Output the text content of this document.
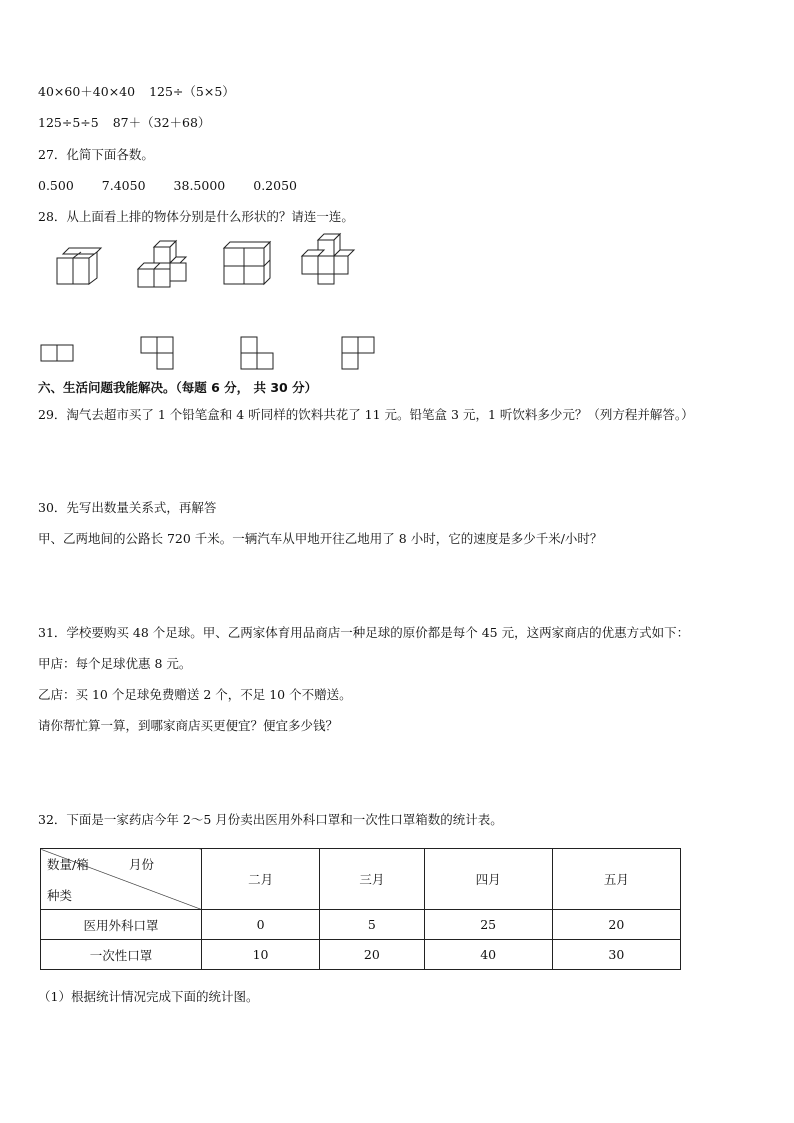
40×60＋40×40 125÷（5×5）
125÷5÷5 87＋（32＋68）
27．化简下面各数。
0.500 7.4050 38.5000 0.2050
28．从上面看上排的物体分别是什么形状的？请连一连。
六、生活问题我能解决。（每题 6 分， 共 30 分）
29．淘气去超市买了 1 个铅笔盒和 4 听同样的饮料共花了 11 元。铅笔盒 3 元，1 听饮料多少元？（列方程并解答。）
30．先写出数量关系式，再解答
甲、乙两地间的公路长 720 千米。一辆汽车从甲地开往乙地用了 8 小时，它的速度是多少千米/小时？
31．学校要购买 48 个足球。甲、乙两家体育用品商店一种足球的原价都是每个 45 元，这两家商店的优惠方式如下：
甲店：每个足球优惠 8 元。
乙店：买 10 个足球免费赠送 2 个，不足 10 个不赠送。
请你帮忙算一算，到哪家商店买更便宜？便宜多少钱？
32．下面是一家药店今年 2～5 月份卖出医用外科口罩和一次性口罩箱数的统计表。
数量/箱 月份
种类	二月	三月	四月	五月
医用外科口罩	0	5	25	20
一次性口罩	10	20	40	30
（1）根据统计情况完成下面的统计图。
